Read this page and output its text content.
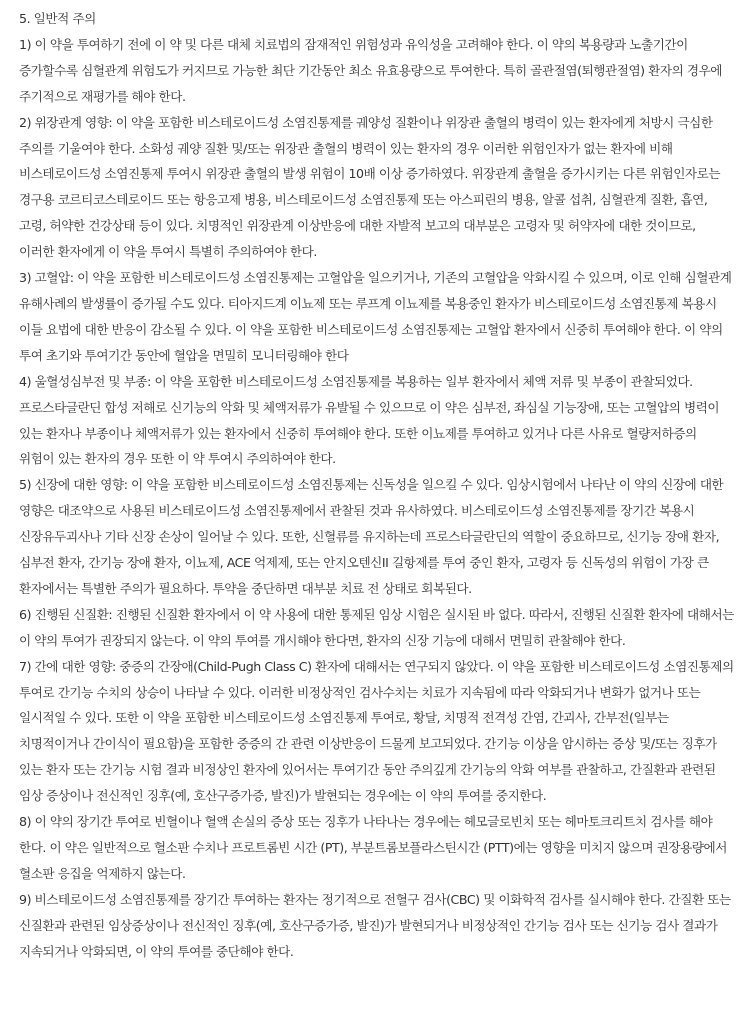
5. 일반적 주의

1) 이 약을 투여하기 전에 이 약 및 다른 대체 치료법의 잠재적인 위험성과 유익성을 고려해야 한다. 이 약의 복용량과 노출기간이 증가할수록 심혈관계 위험도가 커지므로 가능한 최단 기간동안 최소 유효용량으로 투여한다. 특히 골관절염(퇴행관절염) 환자의 경우에 주기적으로 재평가를 해야 한다.

2) 위장관계 영향: 이 약을 포함한 비스테로이드성 소염진통제를 궤양성 질환이나 위장관 출혈의 병력이 있는 환자에게 처방시 극심한 주의를 기울여야 한다. 소화성 궤양 질환 및/또는 위장관 출혈의 병력이 있는 환자의 경우 이러한 위험인자가 없는 환자에 비해 비스테로이드성 소염진통제 투여시 위장관 출혈의 발생 위험이 10배 이상 증가하였다. 위장관계 출혈을 증가시키는 다른 위험인자로는 경구용 코르티코스테로이드 또는 항응고제 병용, 비스테로이드성 소염진통제 또는 아스피린의 병용, 알콜 섭취, 심혈관계 질환, 흡연, 고령, 허약한 건강상태 등이 있다. 치명적인 위장관계 이상반응에 대한 자발적 보고의 대부분은 고령자 및 허약자에 대한 것이므로, 이러한 환자에게 이 약을 투여시 특별히 주의하여야 한다.

3) 고혈압: 이 약을 포함한 비스테로이드성 소염진통제는 고혈압을 일으키거나, 기존의 고혈압을 악화시킬 수 있으며, 이로 인해 심혈관계 유해사례의 발생률이 증가될 수도 있다. 티아지드계 이뇨제 또는 루프계 이뇨제를 복용중인 환자가 비스테로이드성 소염진통제 복용시 이들 요법에 대한 반응이 감소될 수 있다. 이 약을 포함한 비스테로이드성 소염진통제는 고혈압 환자에서 신중히 투여해야 한다. 이 약의 투여 초기와 투여기간 동안에 혈압을 면밀히 모니터링해야 한다

4) 울혈성심부전 및 부종: 이 약을 포함한 비스테로이드성 소염진통제를 복용하는 일부 환자에서 체액 저류 및 부종이 관찰되었다. 프로스타글란딘 합성 저해로 신기능의 악화 및 체액저류가 유발될 수 있으므로 이 약은 심부전, 좌심실 기능장애, 또는 고혈압의 병력이 있는 환자나 부종이나 체액저류가 있는 환자에서 신중히 투여해야 한다. 또한 이뇨제를 투여하고 있거나 다른 사유로 혈량저하증의 위험이 있는 환자의 경우 또한 이 약 투여시 주의하여야 한다.

5) 신장에 대한 영향: 이 약을 포함한 비스테로이드성 소염진통제는 신독성을 일으킬 수 있다. 임상시험에서 나타난 이 약의 신장에 대한 영향은 대조약으로 사용된 비스테로이드성 소염진통제에서 관찰된 것과 유사하였다. 비스테로이드성 소염진통제를 장기간 복용시 신장유두괴사나 기타 신장 손상이 일어날 수 있다. 또한, 신혈류를 유지하는데 프로스타글란딘의 역할이 중요하므로, 신기능 장애 환자, 심부전 환자, 간기능 장애 환자, 이뇨제, ACE 억제제, 또는 안지오텐신II 길항제를 투여 중인 환자, 고령자 등 신독성의 위험이 가장 큰 환자에서는 특별한 주의가 필요하다. 투약을 중단하면 대부분 치료 전 상태로 회복된다.

6) 진행된 신질환: 진행된 신질환 환자에서 이 약 사용에 대한 통제된 임상 시험은 실시된 바 없다. 따라서, 진행된 신질환 환자에 대해서는 이 약의 투여가 권장되지 않는다. 이 약의 투여를 개시해야 한다면, 환자의 신장 기능에 대해서 면밀히 관찰해야 한다.

7) 간에 대한 영향: 중증의 간장애(Child-Pugh Class C) 환자에 대해서는 연구되지 않았다. 이 약을 포함한 비스테로이드성 소염진통제의 투여로 간기능 수치의 상승이 나타날 수 있다. 이러한 비정상적인 검사수치는 치료가 지속됨에 따라 악화되거나 변화가 없거나 또는 일시적일 수 있다. 또한 이 약을 포함한 비스테로이드성 소염진통제 투여로, 황달, 치명적 전격성 간염, 간괴사, 간부전(일부는 치명적이거나 간이식이 필요함)을 포함한 중증의 간 관련 이상반응이 드물게 보고되었다. 간기능 이상을 암시하는 증상 및/또는 징후가 있는 환자 또는 간기능 시험 결과 비정상인 환자에 있어서는 투여기간 동안 주의깊게 간기능의 악화 여부를 관찰하고, 간질환과 관련된 임상 증상이나 전신적인 징후(예, 호산구증가증, 발진)가 발현되는 경우에는 이 약의 투여를 중지한다.

8) 이 약의 장기간 투여로 빈혈이나 혈액 손실의 증상 또는 징후가 나타나는 경우에는 헤모글로빈치 또는 헤마토크리트치 검사를 해야 한다. 이 약은 일반적으로 혈소판 수치나 프로트롬빈 시간 (PT), 부분트롬보플라스틴시간 (PTT)에는 영향을 미치지 않으며 권장용량에서 혈소판 응집을 억제하지 않는다.

9) 비스테로이드성 소염진통제를 장기간 투여하는 환자는 정기적으로 전혈구 검사(CBC) 및 이화학적 검사를 실시해야 한다. 간질환 또는 신질환과 관련된 임상증상이나 전신적인 징후(예, 호산구증가증, 발진)가 발현되거나 비정상적인 간기능 검사 또는 신기능 검사 결과가 지속되거나 악화되면, 이 약의 투여를 중단해야 한다.
